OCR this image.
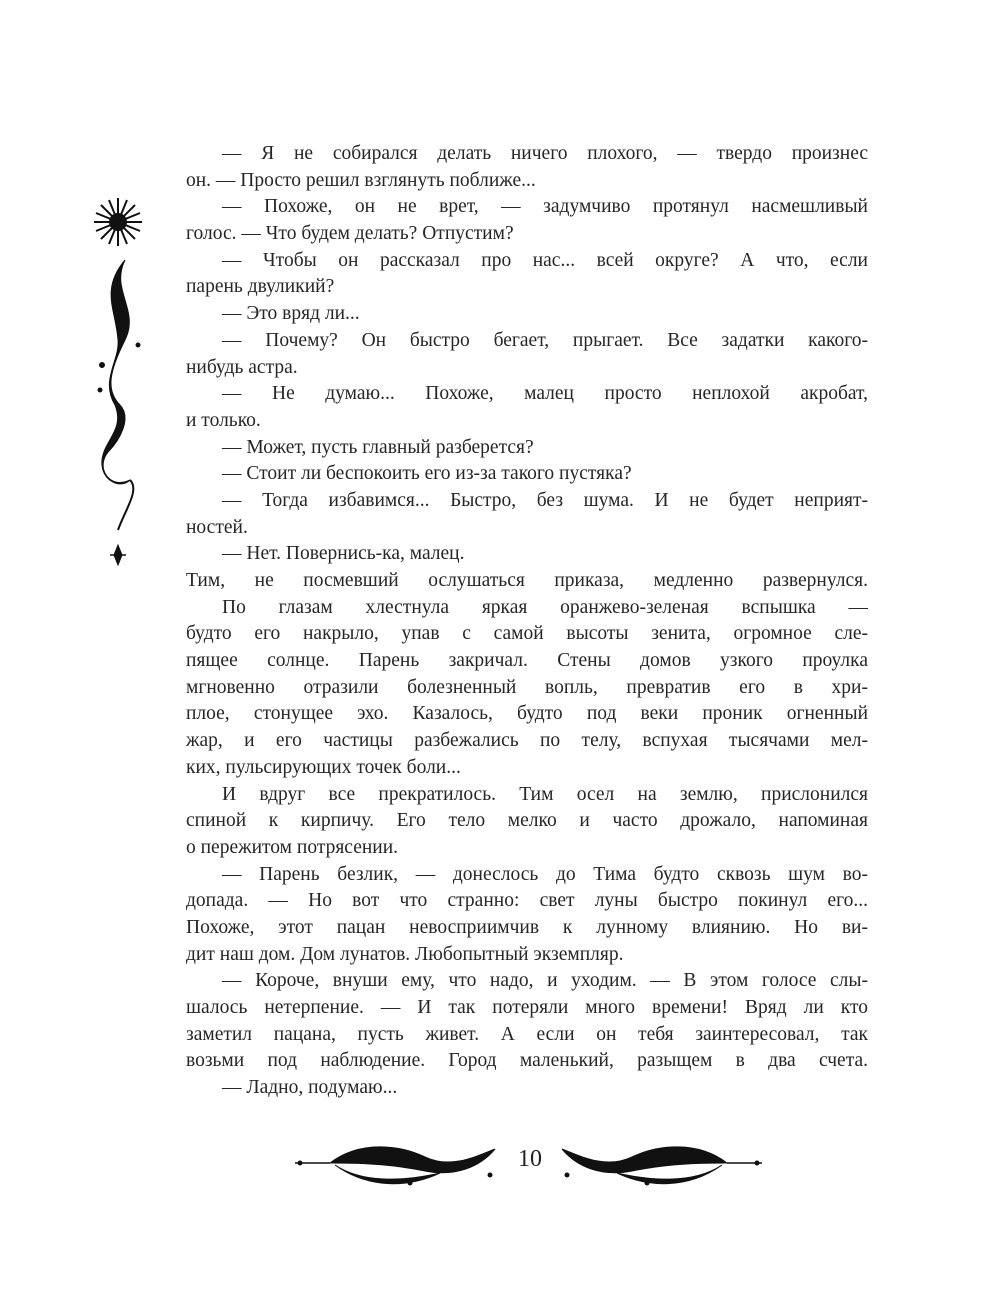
— Я не собирался делать ничего плохого, — твердо произнес
он. — Просто решил взглянуть поближе...
— Похоже, он не врет, — задумчиво протянул насмешливый
голос. — Что будем делать? Отпустим?
— Чтобы он рассказал про нас... всей округе? А что, если
парень двуликий?
— Это вряд ли...
— Почему? Он быстро бегает, прыгает. Все задатки какого-
нибудь астра.
— Не думаю... Похоже, малец просто неплохой акробат,
и только.
— Может, пусть главный разберется?
— Стоит ли беспокоить его из-за такого пустяка?
— Тогда избавимся... Быстро, без шума. И не будет неприят-
ностей.
— Нет. Повернись-ка, малец.
Тим, не посмевший ослушаться приказа, медленно развернулся.
По глазам хлестнула яркая оранжево-зеленая вспышка —
будто его накрыло, упав с самой высоты зенита, огромное сле-
пящее солнце. Парень закричал. Стены домов узкого проулка
мгновенно отразили болезненный вопль, превратив его в хри-
плое, стонущее эхо. Казалось, будто под веки проник огненный
жар, и его частицы разбежались по телу, вспухая тысячами мел-
ких, пульсирующих точек боли...
И вдруг все прекратилось. Тим осел на землю, прислонился
спиной к кирпичу. Его тело мелко и часто дрожало, напоминая
о пережитом потрясении.
— Парень безлик, — донеслось до Тима будто сквозь шум во-
допада. — Но вот что странно: свет луны быстро покинул его...
Похоже, этот пацан невосприимчив к лунному влиянию. Но ви-
дит наш дом. Дом лунатов. Любопытный экземпляр.
— Короче, внуши ему, что надо, и уходим. — В этом голосе слы-
шалось нетерпение. — И так потеряли много времени! Вряд ли кто
заметил пацана, пусть живет. А если он тебя заинтересовал, так
возьми под наблюдение. Город маленький, разыщем в два счета.
— Ладно, подумаю...
10
